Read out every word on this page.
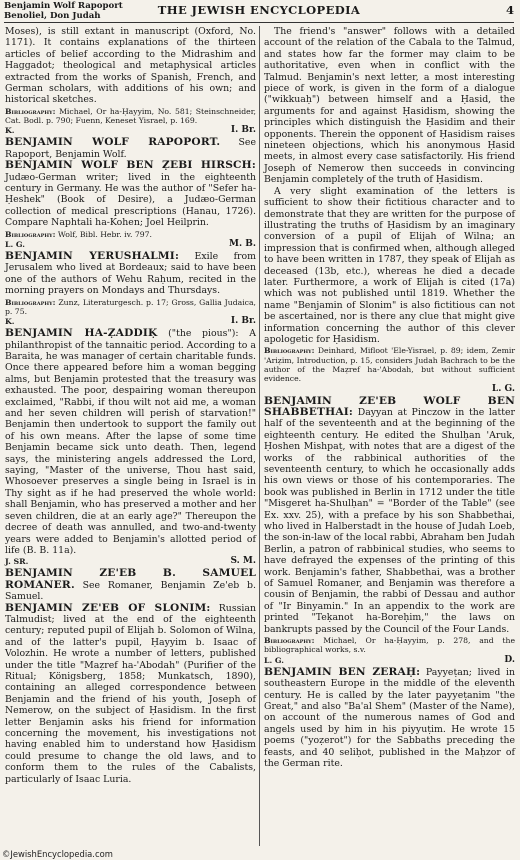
Benjamin Wolf Rapoport
Benoliel, Don Judah	THE JEWISH ENCYCLOPEDIA	4

Moses), is still extant in manuscript (Oxford, No. 1171). It contains explanations of the thirteen articles of belief according to the Midrashim and Haggadot; theological and metaphysical articles extracted from the works of Spanish, French, and German scholars, with additions of his own; and historical sketches.

Bibliography: Michael, Or ha-Ḥayyim, No. 581; Steinschneider, Cat. Bodl. p. 790; Fuenn, Keneset Yisrael, p. 169.

K.	I. Br.

BENJAMIN WOLF RAPOPORT. See Rapoport, Benjamin Wolf.

BENJAMIN WOLF BEN ẒEBI HIRSCH: Judæo-German writer; lived in the eighteenth century in Germany. He was the author of "Sefer ha-Ḥeshek" (Book of Desire), a Judæo-German collection of medical prescriptions (Hanau, 1726). Compare Naphtali ha-Kohen; Joel Heilprin.

Bibliography: Wolf, Bibl. Hebr. iv. 797.

L. G.	M. B.

BENJAMIN YERUSHALMI: Exile from Jerusalem who lived at Bordeaux; said to have been one of the authors of Wehu Raḥum, recited in the morning prayers on Mondays and Thursdays.

Bibliography: Zunz, Literaturgesch. p. 17; Gross, Gallia Judaica, p. 75.

K.	I. Br.

BENJAMIN HA-ẒADDIḲ ("the pious"): A philanthropist of the tannaitic period. According to a Baraita, he was manager of certain charitable funds. Once there appeared before him a woman begging alms, but Benjamin protested that the treasury was exhausted. The poor, despairing woman thereupon exclaimed, "Rabbi, if thou wilt not aid me, a woman and her seven children will perish of starvation!" Benjamin then undertook to support the family out of his own means. After the lapse of some time Benjamin became sick unto death. Then, legend says, the ministering angels addressed the Lord, saying, "Master of the universe, Thou hast said, Whosoever preserves a single being in Israel is in Thy sight as if he had preserved the whole world: shall Benjamin, who has preserved a mother and her seven children, die at an early age?" Thereupon the decree of death was annulled, and two-and-twenty years were added to Benjamin's allotted period of life (B. B. 11a).

J. SR.	S. M.

BENJAMIN ZE'EB B. SAMUEL ROMANER. See Romaner, Benjamin Ze'eb b. Samuel.

BENJAMIN ZE'EB OF SLONIM: Russian Talmudist; lived at the end of the eighteenth century; reputed pupil of Elijah b. Solomon of Wilna, and of the latter's pupil, Ḥayyim b. Isaac of Volozhin. He wrote a number of letters, published under the title "Maẓref ha-'Abodah" (Purifier of the Ritual; Königsberg, 1858; Munkatsch, 1890), containing an alleged correspondence between Benjamin and the friend of his youth, Joseph of Nemerow, on the subject of Ḥasidism. In the first letter Benjamin asks his friend for information concerning the movement, his investigations not having enabled him to understand how Ḥasidism could presume to change the old laws, and to conform them to the rules of the Cabalists, particularly of Isaac Luria.

The friend's "answer" follows with a detailed account of the relation of the Cabala to the Talmud, and states how far the former may claim to be authoritative, even when in conflict with the Talmud. Benjamin's next letter, a most interesting piece of work, is given in the form of a dialogue ("wikkuaḥ") between himself and a Ḥasid, the arguments for and against Ḥasidism, showing the principles which distinguish the Ḥasidim and their opponents. Therein the opponent of Ḥasidism raises nineteen objections, which his anonymous Ḥasid meets, in almost every case satisfactorily. His friend Joseph of Nemerow then succeeds in convincing Benjamin completely of the truth of Ḥasidism.

A very slight examination of the letters is sufficient to show their fictitious character and to demonstrate that they are written for the purpose of illustrating the truths of Ḥasidism by an imaginary conversion of a pupil of Elijah of Wilna; an impression that is confirmed when, although alleged to have been written in 1787, they speak of Elijah as deceased (13b, etc.), whereas he died a decade later. Furthermore, a work of Elijah is cited (17a) which was not published until 1819. Whether the name "Benjamin of Slonim" is also fictitious can not be ascertained, nor is there any clue that might give information concerning the author of this clever apologetic for Ḥasidism.

Bibliography: Deinhard, Mifloot 'Ele-Yisrael, p. 89; idem, Zemir 'Ariẓim, Introduction, p. 15, considers Judah Bachrach to be the author of the Maẓref ha-'Abodah, but without sufficient evidence.

L. G.

BENJAMIN ZE'EB WOLF BEN SHABBETHAI: Dayyan at Pinczow in the latter half of the seventeenth and at the beginning of the eighteenth century. He edited the Shulḥan 'Aruk, Ḥoshen Mishpaṭ, with notes that are a digest of the works of the rabbinical authorities of the seventeenth century, to which he occasionally adds his own views or those of his contemporaries. The book was published in Berlin in 1712 under the title "Misgeret ha-Shulḥan" = "Border of the Table" (see Ex. xxv. 25), with a preface by his son Shabbethai, who lived in Halberstadt in the house of Judah Loeb, the son-in-law of the local rabbi, Abraham ben Judah Berlin, a patron of rabbinical studies, who seems to have defrayed the expenses of the printing of this work. Benjamin's father, Shabbethai, was a brother of Samuel Romaner, and Benjamin was therefore a cousin of Benjamin, the rabbi of Dessau and author of "Ir Binyamin." In an appendix to the work are printed "Teḳanot ha-Boreḥim," the laws on bankrupts passed by the Council of the Four Lands.

Bibliography: Michael, Or ha-Ḥayyim, p. 278, and the bibliographical works, s.v.

L. G.	D.

BENJAMIN BEN ZERAḤ: Payyeṭan; lived in southeastern Europe in the middle of the eleventh century. He is called by the later payyeṭanim "the Great," and also "Ba'al Shem" (Master of the Name), on account of the numerous names of God and angels used by him in his piyyuṭim. He wrote 15 poems ("yoẓerot") for the Sabbaths preceding the feasts, and 40 seliḥot, published in the Maḥzor of the German rite.

©JewishEncyclopedia.com
